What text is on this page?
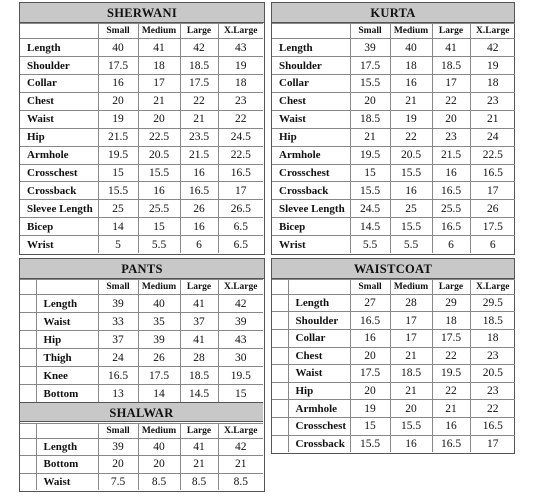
SHERWANI
	Small	Medium	Large	X.Large
Length	40	41	42	43
Shoulder	17.5	18	18.5	19
Collar	16	17	17.5	18
Chest	20	21	22	23
Waist	19	20	21	22
Hip	21.5	22.5	23.5	24.5
Armhole	19.5	20.5	21.5	22.5
Crosschest	15	15.5	16	16.5
Crossback	15.5	16	16.5	17
Slevee Length	25	25.5	26	26.5
Bicep	14	15	16	6.5
Wrist	5	5.5	6	6.5
KURTA
	Small	Medium	Large	X.Large
Length	39	40	41	42
Shoulder	17.5	18	18.5	19
Collar	15.5	16	17	18
Chest	20	21	22	23
Waist	18.5	19	20	21
Hip	21	22	23	24
Armhole	19.5	20.5	21.5	22.5
Crosschest	15	15.5	16	16.5
Crossback	15.5	16	16.5	17
Slevee Length	24.5	25	25.5	26
Bicep	14.5	15.5	16.5	17.5
Wrist	5.5	5.5	6	6
PANTS
		Small	Medium	Large	X.Large
	Length	39	40	41	42
	Waist	33	35	37	39
	Hip	37	39	41	43
	Thigh	24	26	28	30
	Knee	16.5	17.5	18.5	19.5
	Bottom	13	14	14.5	15
SHALWAR
		Small	Medium	Large	X.Large
	Length	39	40	41	42
	Bottom	20	20	21	21
	Waist	7.5	8.5	8.5	8.5
WAISTCOAT
		Small	Medium	Large	X.Large
	Length	27	28	29	29.5
	Shoulder	16.5	17	18	18.5
	Collar	16	17	17.5	18
	Chest	20	21	22	23
	Waist	17.5	18.5	19.5	20.5
	Hip	20	21	22	23
	Armhole	19	20	21	22
	Crosschest	15	15.5	16	16.5
	Crossback	15.5	16	16.5	17
